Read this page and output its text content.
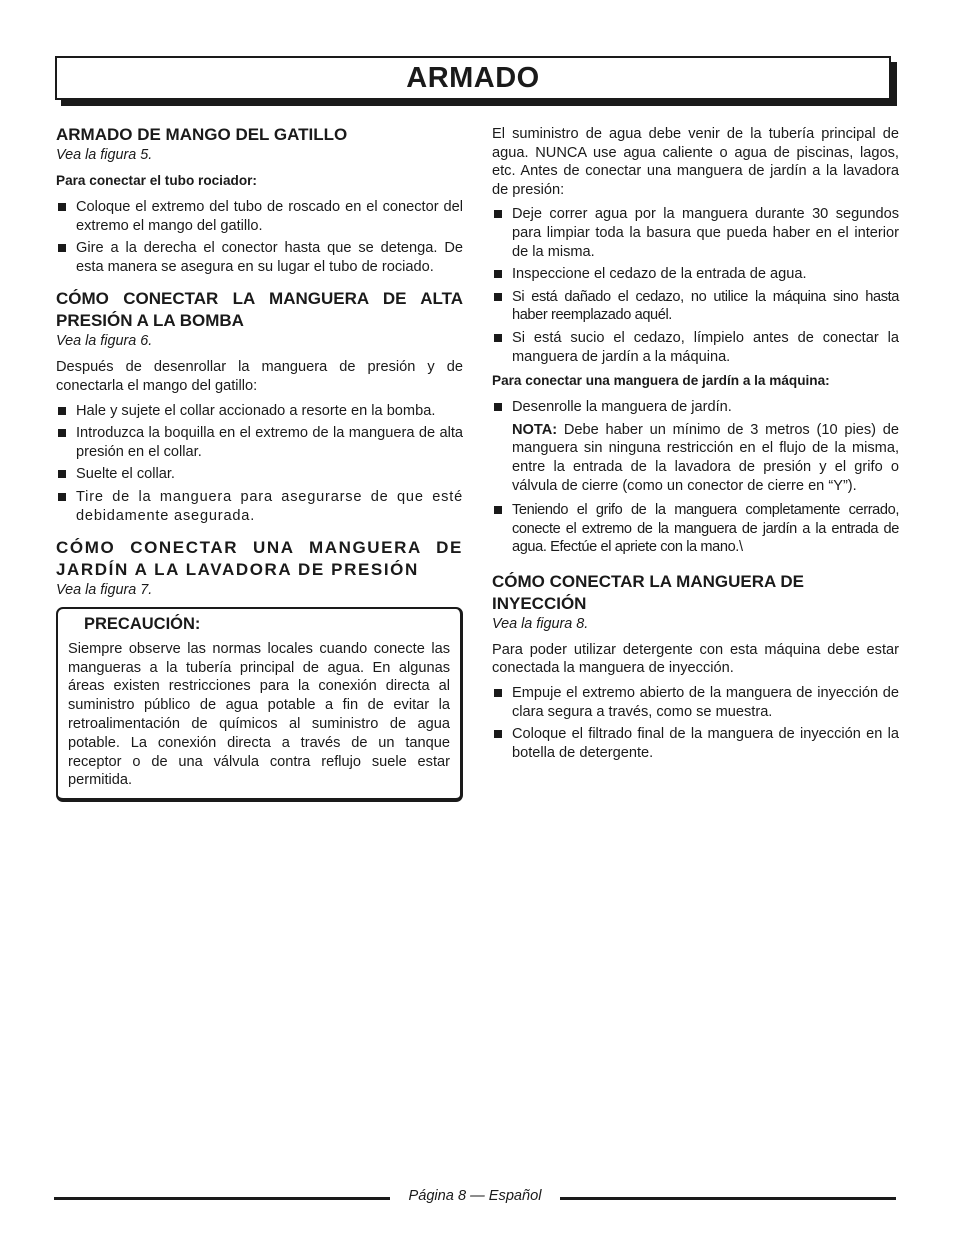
ARMADO
ARMADO DE MANGO DEL GATILLO
Vea la figura 5.
Para conectar el tubo rociador:
Coloque el extremo del tubo de roscado en el conector del extremo el mango del gatillo.
Gire a la derecha el conector hasta que se detenga. De esta manera se asegura en su lugar el tubo de rociado.
CÓMO CONECTAR LA MANGUERA DE ALTA PRESIÓN A LA BOMBA
Vea la figura 6.

Después de desenrollar la manguera de presión y de conectarla el mango del gatillo:

Hale y sujete el collar accionado a resorte en la bomba.
Introduzca la boquilla en el extremo de la manguera de alta presión en el collar.
Suelte el collar.
Tire de la manguera para asegurarse de que esté debidamente asegurada.
CÓMO CONECTAR UNA MANGUERA DE JARDÍN A LA LAVADORA DE PRESIÓN
Vea la figura 7.
PRECAUCIÓN:

Siempre observe las normas locales cuando conecte las mangueras a la tubería principal de agua. En algunas áreas existen restricciones para la conexión directa al suministro público de agua potable a fin de evitar la retroalimentación de químicos al suministro de agua potable. La conexión directa a través de un tanque receptor o de una válvula contra reflujo suele estar permitida.

El suministro de agua debe venir de la tubería principal de agua. NUNCA use agua caliente o agua de piscinas, lagos, etc. Antes de conectar una manguera de jardín a la lavadora de presión:

Deje correr agua por la manguera durante 30 segundos para limpiar toda la basura que pueda haber en el interior de la misma.
Inspeccione el cedazo de la entrada de agua.
Si está dañado el cedazo, no utilice la máquina sino hasta haber reemplazado aquél.
Si está sucio el cedazo, límpielo antes de conectar la manguera de jardín a la máquina.
Para conectar una manguera de jardín a la máquina:
Desenrolle la manguera de jardín.

NOTA: Debe haber un mínimo de 3 metros (10 pies) de manguera sin ninguna restricción en el flujo de la misma, entre la entrada de la lavadora de presión y el grifo o válvula de cierre (como un conector de cierre en “Y”).

Teniendo el grifo de la manguera completamente cerrado, conecte el extremo de la manguera de jardín a la entrada de agua. Efectúe el apriete con la mano.\
CÓMO CONECTAR LA MANGUERA DE INYECCIÓN
Vea la figura 8.

Para poder utilizar detergente con esta máquina debe estar conectada la manguera de inyección.

Empuje el extremo abierto de la manguera de inyección de clara segura a través, como se muestra.
Coloque el filtrado final de la manguera de inyección en la botella de detergente.
Página 8 — Español
